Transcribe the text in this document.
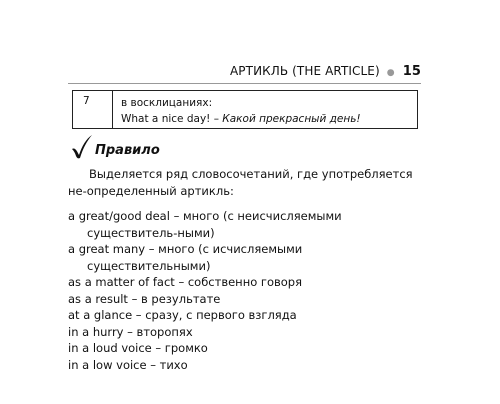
АРТИКЛЬ (THE ARTICLE) ● 15
7	в восклицаниях:
What a nice day! – Какой прекрасный день!
Правило
Выделяется ряд словосочетаний, где употребляется не-определенный артикль:
a great/good deal – много (с неисчисляемыми существитель-ными)
a great many – много (с исчисляемыми существительными)
as a matter of fact – собственно говоря
as a result – в результате
at a glance – сразу, с первого взгляда
in a hurry – второпях
in a loud voice – громко
in a low voice – тихо
